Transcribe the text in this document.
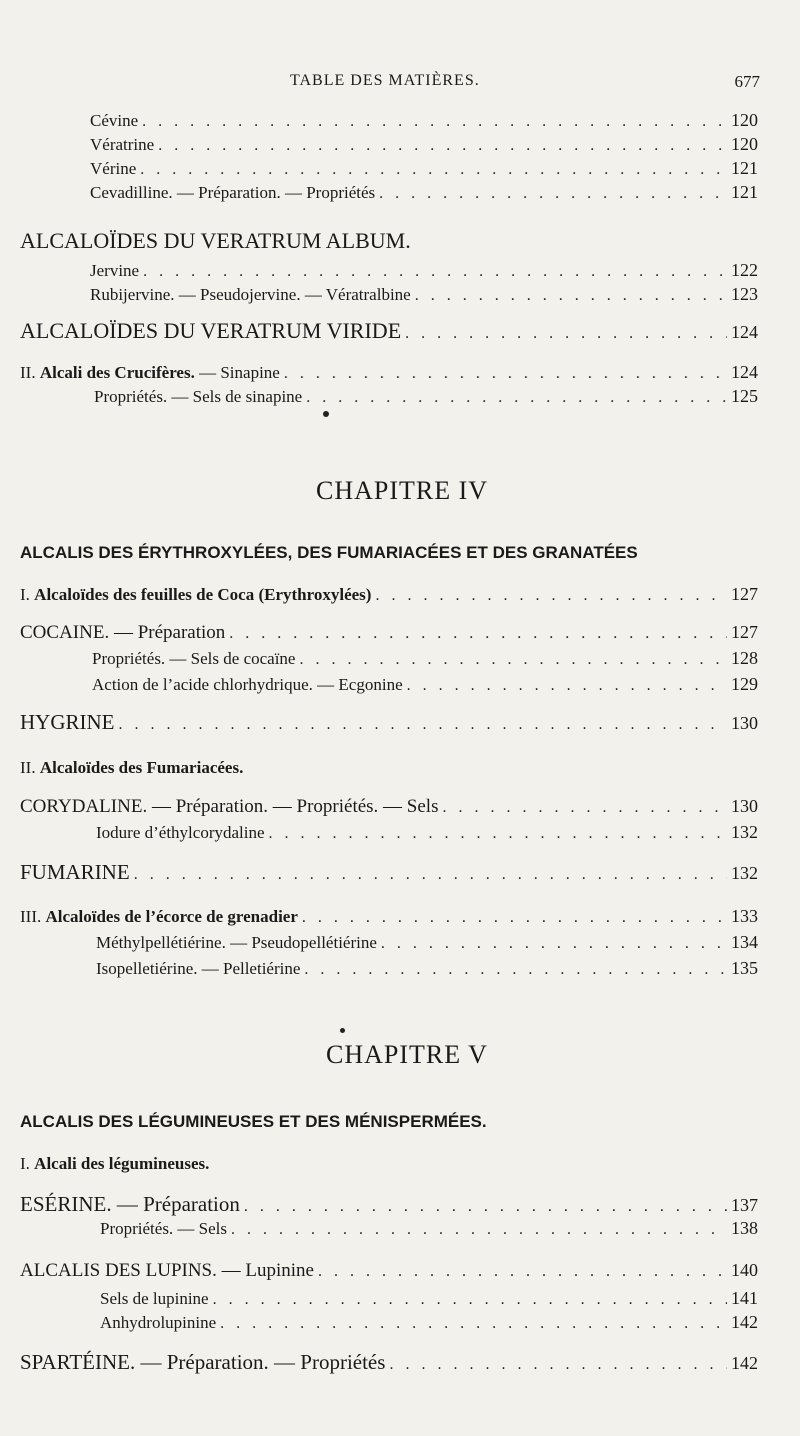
TABLE DES MATIÈRES.	677
Cévine . . .	120
Vératrine . . .	120
Vérine . . .	121
Cevadilline. — Préparation. — Propriétés . . .	121
ALCALOÏDES DU VERATRUM ALBUM.
Jervine . . .	122
Rubijervine. — Pseudojervine. — Vératralbine . . .	123
ALCALOÏDES DU VERATRUM VIRIDE . . .	124
II. Alcali des Crucifères. — Sinapine . . .	124
Propriétés. — Sels de sinapine . . .	125
CHAPITRE IV
ALCALIS DES ÉRYTHROXYLÉES, DES FUMARIACÉES ET DES GRANATÉES
I. Alcaloïdes des feuilles de Coca (Erythroxylées) . . .	127
COCAINE. — Préparation . . .	127
Propriétés. — Sels de cocaïne . . .	128
Action de l’acide chlorhydrique. — Ecgonine . . .	129
HYGRINE . . .	130
II. Alcaloïdes des Fumariacées.
CORYDALINE. — Préparation. — Propriétés. — Sels . . .	130
Iodure d’éthylcorydaline . . .	132
FUMARINE . . .	132
III. Alcaloïdes de l’écorce de grenadier . . .	133
Méthylpellétiérine. — Pseudopellétiérine . . .	134
Isopelletiérine. — Pelletiérine . . .	135
CHAPITRE V
ALCALIS DES LÉGUMINEUSES ET DES MÉNISPERMÉES.
I. Alcali des légumineuses.
ESÉRINE. — Préparation . . .	137
Propriétés. — Sels . . .	138
ALCALIS DES LUPINS. — Lupinine . . .	140
Sels de lupinine . . .	141
Anhydrolupinine . . .	142
SPARTÉINE. — Préparation. — Propriétés . . .	142
